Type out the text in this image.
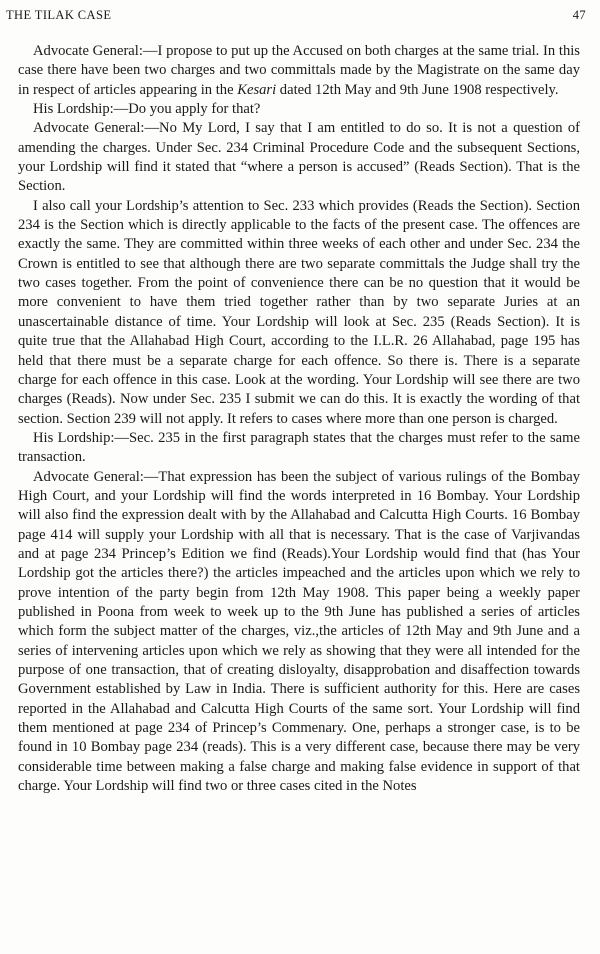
THE TILAK CASE	47

Advocate General:—I propose to put up the Accused on both charges at the same trial. In this case there have been two charges and two committals made by the Magistrate on the same day in respect of articles appearing in the Kesari dated 12th May and 9th June 1908 respectively.

His Lordship:—Do you apply for that?

Advocate General:—No My Lord, I say that I am entitled to do so. It is not a question of amending the charges. Under Sec. 234 Criminal Procedure Code and the subsequent Sections, your Lordship will find it stated that “where a person is accused” (Reads Section). That is the Section.

I also call your Lordship’s attention to Sec. 233 which provides (Reads the Section). Section 234 is the Section which is directly applicable to the facts of the present case. The offences are exactly the same. They are committed within three weeks of each other and under Sec. 234 the Crown is entitled to see that although there are two separate committals the Judge shall try the two cases together. From the point of convenience there can be no question that it would be more convenient to have them tried together rather than by two separate Juries at an unascertainable distance of time. Your Lordship will look at Sec. 235 (Reads Section). It is quite true that the Allahabad High Court, according to the I.L.R. 26 Allahabad, page 195 has held that there must be a separate charge for each offence. So there is. There is a separate charge for each offence in this case. Look at the wording. Your Lordship will see there are two charges (Reads). Now under Sec. 235 I submit we can do this. It is exactly the wording of that section. Section 239 will not apply. It refers to cases where more than one person is charged.

His Lordship:—Sec. 235 in the first paragraph states that the charges must refer to the same transaction.

Advocate General:—That expression has been the subject of various rulings of the Bombay High Court, and your Lordship will find the words interpreted in 16 Bombay. Your Lordship will also find the expression dealt with by the Allahabad and Calcutta High Courts. 16 Bombay page 414 will supply your Lordship with all that is necessary. That is the case of Varjivandas and at page 234 Princep’s Edition we find (Reads).Your Lordship would find that (has Your Lordship got the articles there?) the articles impeached and the articles upon which we rely to prove intention of the party begin from 12th May 1908. This paper being a weekly paper published in Poona from week to week up to the 9th June has published a series of articles which form the subject matter of the charges, viz.,the articles of 12th May and 9th June and a series of intervening articles upon which we rely as showing that they were all intended for the purpose of one transaction, that of creating disloyalty, disapprobation and disaffection towards Government established by Law in India. There is sufficient authority for this. Here are cases reported in the Allahabad and Calcutta High Courts of the same sort. Your Lordship will find them mentioned at page 234 of Princep’s Commenary. One, perhaps a stronger case, is to be found in 10 Bombay page 234 (reads). This is a very different case, because there may be very considerable time between making a false charge and making false evidence in support of that charge. Your Lordship will find two or three cases cited in the Notes
